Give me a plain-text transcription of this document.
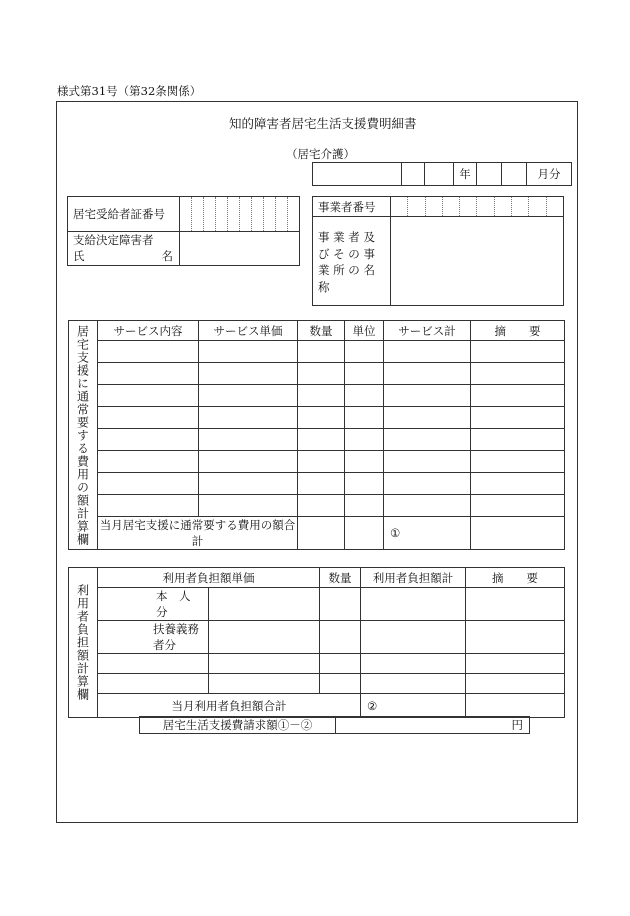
様式第31号（第32条関係）
知的障害者居宅生活支援費明細書
（居宅介護）
			年			月分
居宅受給者証番号	

支給決定障害者
氏 名	

事業者番号	

事 業 者 及
び そ の 事
業 所 の 名
称	

居宅支援に通常要する費用の額計算欄	サービス内容	サービス単価	数量	単位	サービス計	摘　　要

	当月居宅支援に通常要する費用の額合計				①	
利用者負担額計算欄	利用者負担額単価		数量	利用者負担額計	摘　　要
	本　人　分				
	扶養義務者分				

	当月利用者負担額合計			②	
居宅生活支援費請求額①－②	円
